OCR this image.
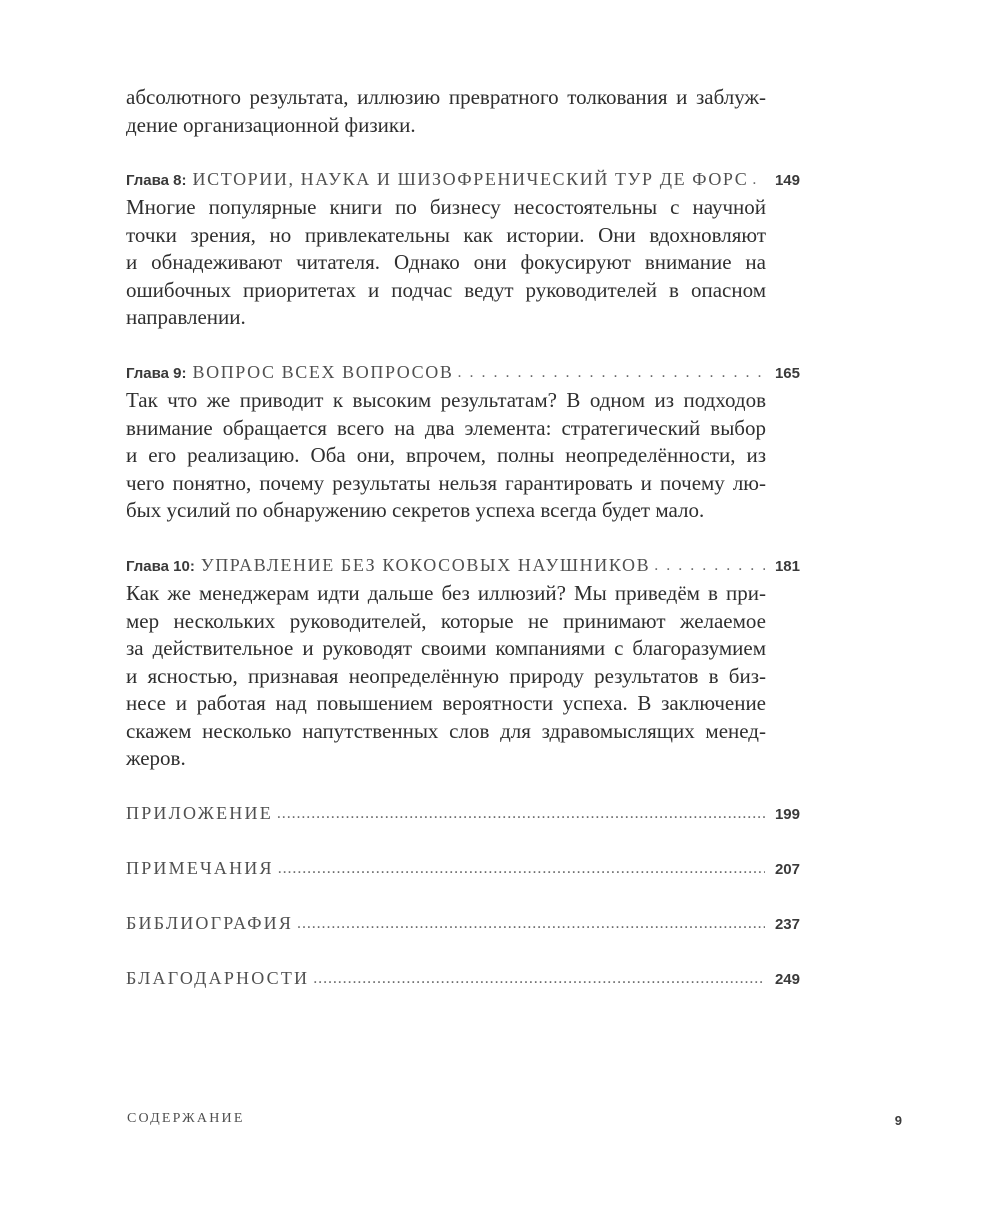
абсолютного результата, иллюзию превратного толкования и заблуж-
дение организационной физики.
Глава 8: ИСТОРИИ, НАУКА И ШИЗОФРЕНИЧЕСКИЙ ТУР ДЕ ФОРС . . . 149
Многие популярные книги по бизнесу несостоятельны с научной
точки зрения, но привлекательны как истории. Они вдохновляют
и обнадеживают читателя. Однако они фокусируют внимание на
ошибочных приоритетах и подчас ведут руководителей в опасном
направлении.
Глава 9: ВОПРОС ВСЕХ ВОПРОСОВ . . .	165
Так что же приводит к высоким результатам? В одном из подходов
внимание обращается всего на два элемента: стратегический выбор
и его реализацию. Оба они, впрочем, полны неопределённости, из
чего понятно, почему результаты нельзя гарантировать и почему лю-
бых усилий по обнаружению секретов успеха всегда будет мало.
Глава 10: УПРАВЛЕНИЕ БЕЗ КОКОСОВЫХ НАУШНИКОВ . . .	181
Как же менеджерам идти дальше без иллюзий? Мы приведём в при-
мер нескольких руководителей, которые не принимают желаемое
за действительное и руководят своими компаниями с благоразумием
и ясностью, признавая неопределённую природу результатов в биз-
несе и работая над повышением вероятности успеха. В заключение
скажем несколько напутственных слов для здравомыслящих менед-
жеров.
ПРИЛОЖЕНИЕ .....	199
ПРИМЕЧАНИЯ .....	207
БИБЛИОГРАФИЯ .....	237
БЛАГОДАРНОСТИ .....	249
СОДЕРЖАНИЕ	9
